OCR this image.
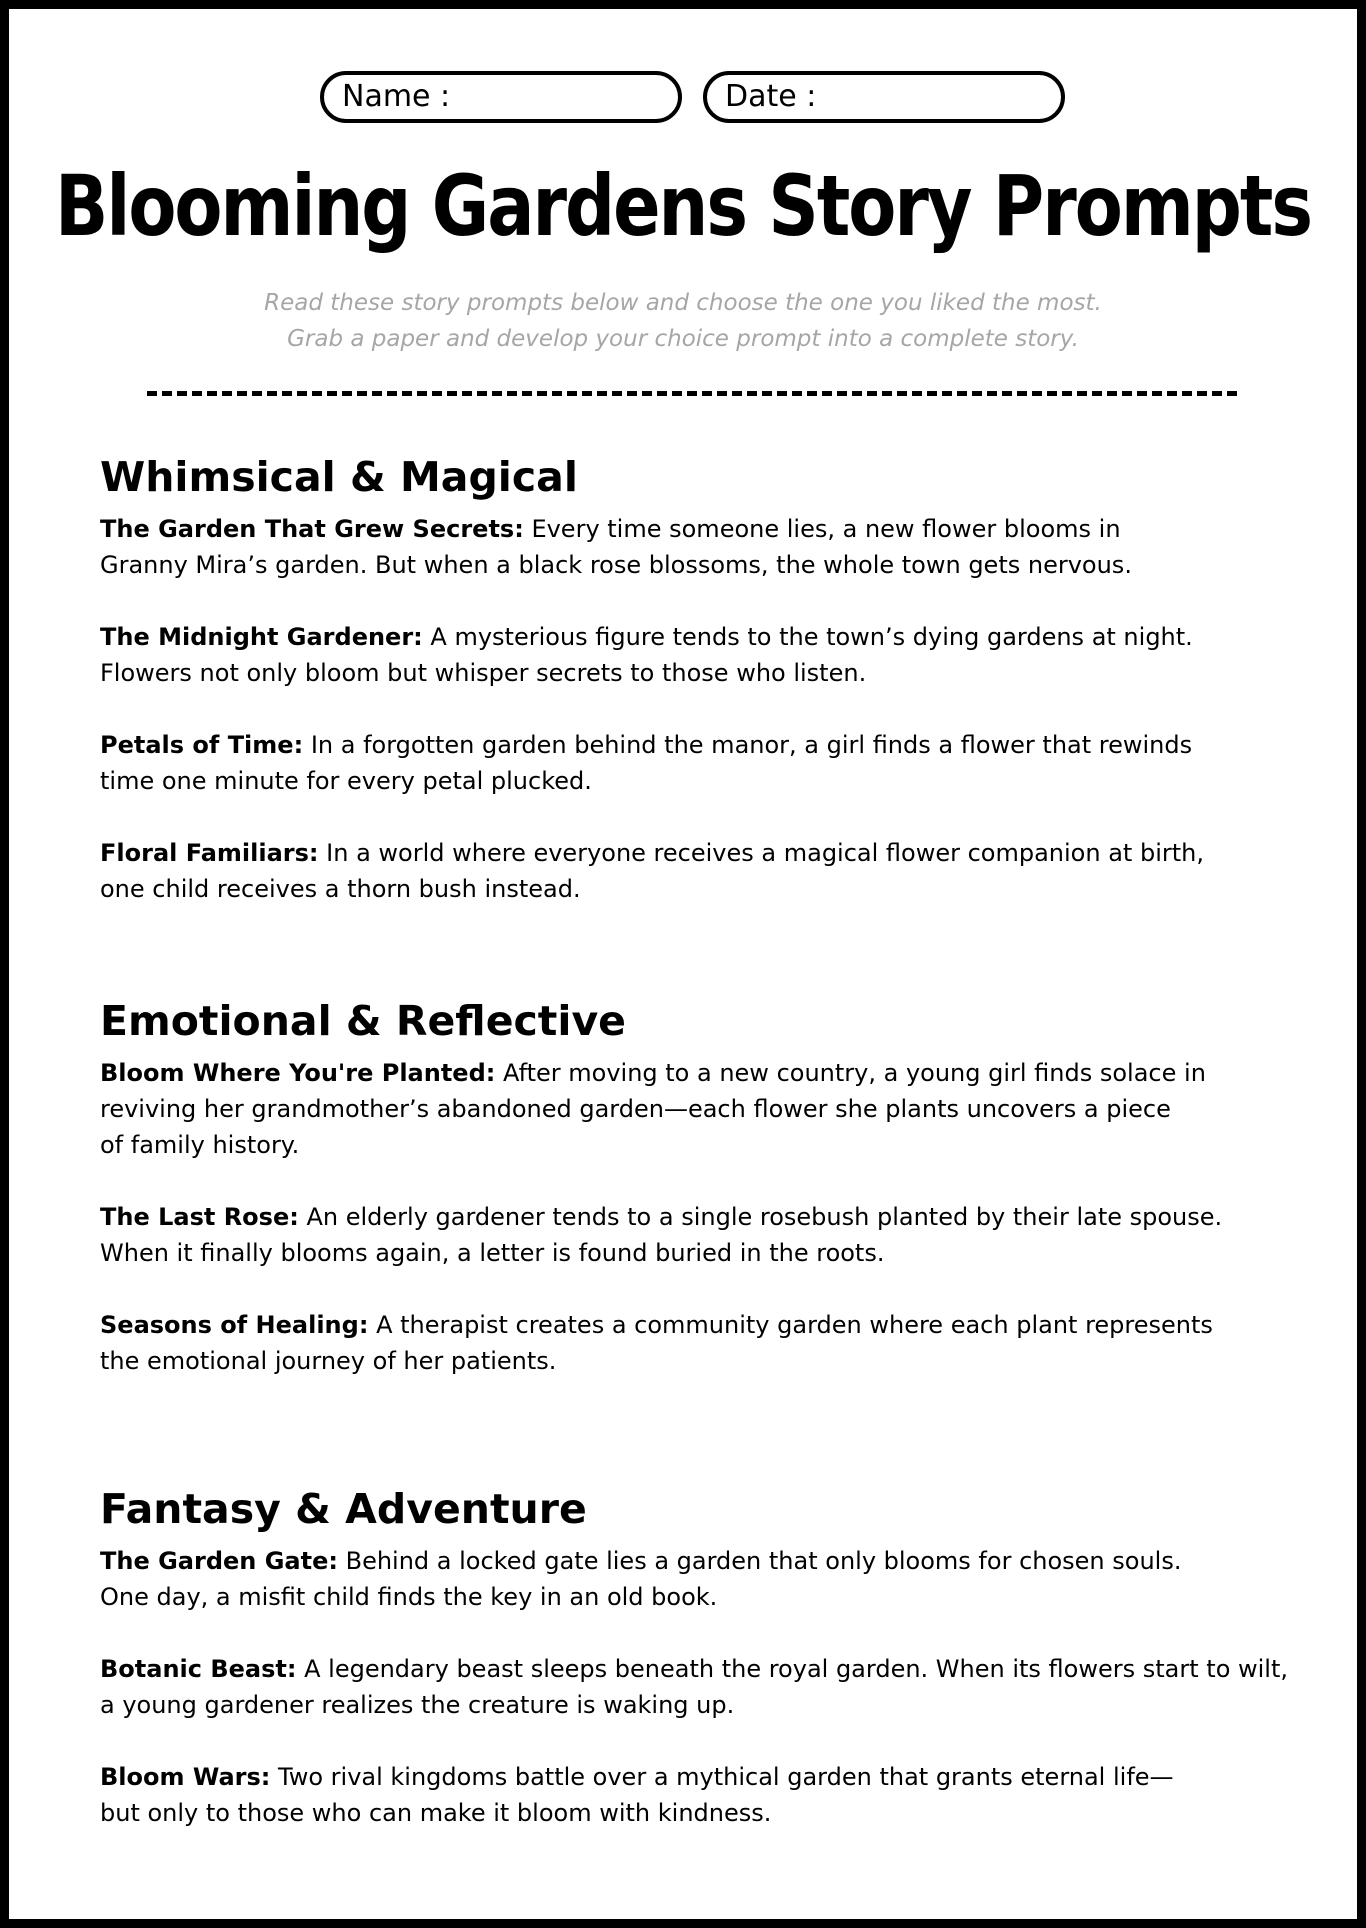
Name :	Date :
Blooming Gardens Story Prompts
Read these story prompts below and choose the one you liked the most.
Grab a paper and develop your choice prompt into a complete story.
Whimsical & Magical
The Garden That Grew Secrets: Every time someone lies, a new flower blooms in
Granny Mira’s garden. But when a black rose blossoms, the whole town gets nervous.
The Midnight Gardener: A mysterious figure tends to the town’s dying gardens at night.
Flowers not only bloom but whisper secrets to those who listen.
Petals of Time: In a forgotten garden behind the manor, a girl finds a flower that rewinds
time one minute for every petal plucked.
Floral Familiars: In a world where everyone receives a magical flower companion at birth,
one child receives a thorn bush instead.
Emotional & Reflective
Bloom Where You're Planted: After moving to a new country, a young girl finds solace in
reviving her grandmother’s abandoned garden—each flower she plants uncovers a piece
of family history.
The Last Rose: An elderly gardener tends to a single rosebush planted by their late spouse.
When it finally blooms again, a letter is found buried in the roots.
Seasons of Healing: A therapist creates a community garden where each plant represents
the emotional journey of her patients.
Fantasy & Adventure
The Garden Gate: Behind a locked gate lies a garden that only blooms for chosen souls.
One day, a misfit child finds the key in an old book.
Botanic Beast: A legendary beast sleeps beneath the royal garden. When its flowers start to wilt,
a young gardener realizes the creature is waking up.
Bloom Wars: Two rival kingdoms battle over a mythical garden that grants eternal life—
but only to those who can make it bloom with kindness.
